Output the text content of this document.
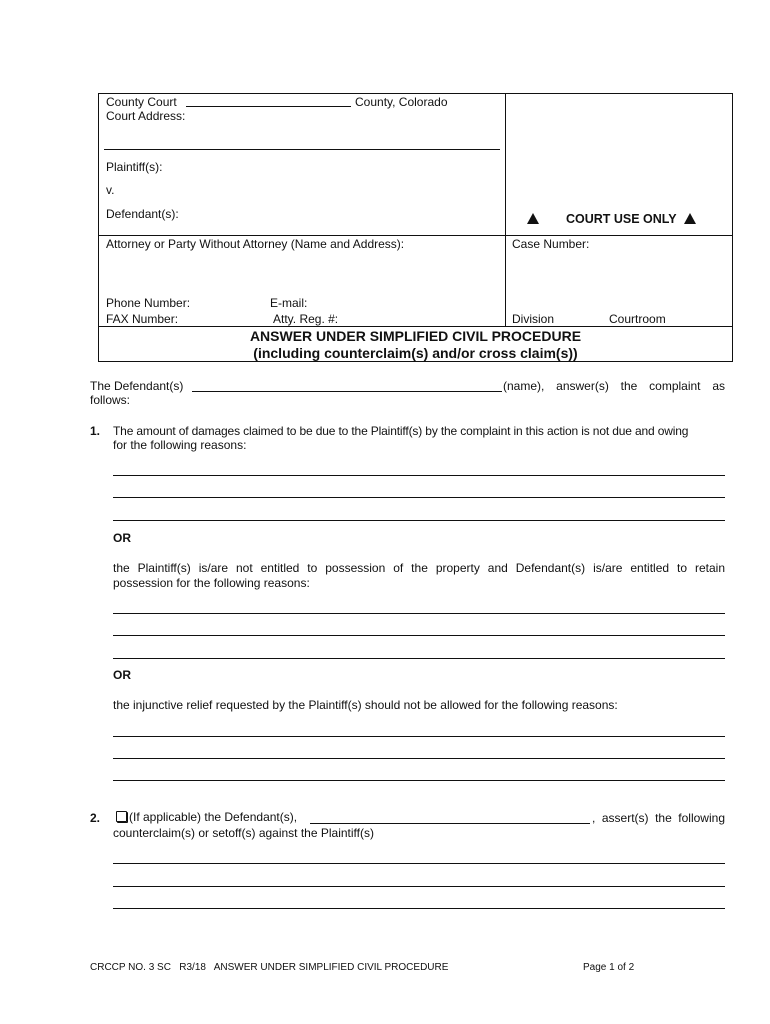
County Court	County, Colorado
Court Address:
Plaintiff(s):
v.
Defendant(s):	COURT USE ONLY
Attorney or Party Without Attorney (Name and Address):	Case Number:
Phone Number:	E-mail:
FAX Number:	Atty. Reg. #:	Division	Courtroom
ANSWER UNDER SIMPLIFIED CIVIL PROCEDURE
(including counterclaim(s) and/or cross claim(s))
The Defendant(s)	(name), answer(s) the complaint as
follows:
1. The amount of damages claimed to be due to the Plaintiff(s) by the complaint in this action is not due and owing
for the following reasons:
OR
the Plaintiff(s) is/are not entitled to possession of the property and Defendant(s) is/are entitled to retain
possession for the following reasons:
OR
the injunctive relief requested by the Plaintiff(s) should not be allowed for the following reasons:
2.	(If applicable) the Defendant(s),	, assert(s) the following
counterclaim(s) or setoff(s) against the Plaintiff(s)
CRCCP NO. 3 SC   R3/18   ANSWER UNDER SIMPLIFIED CIVIL PROCEDURE	Page 1 of 2
